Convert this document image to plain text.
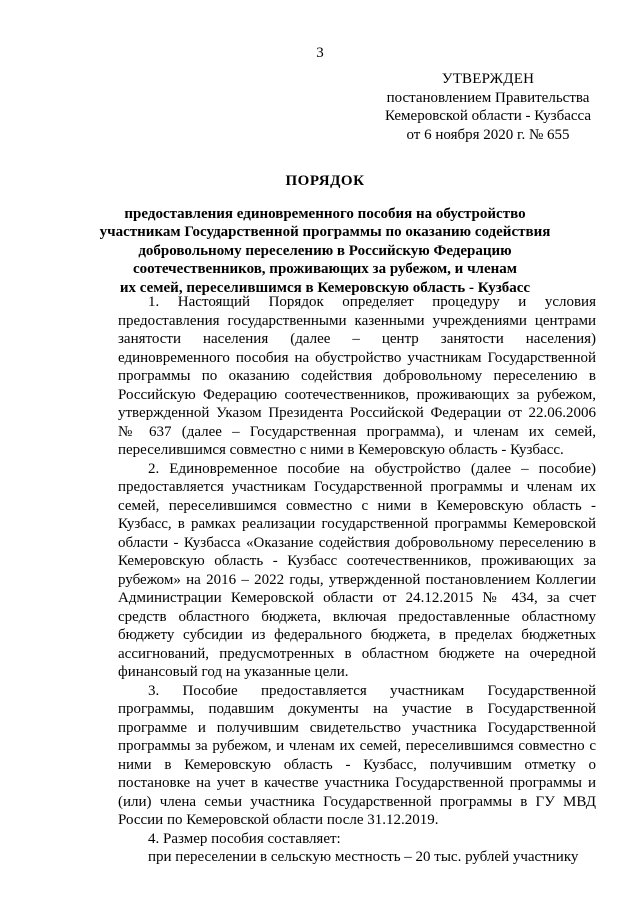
3
УТВЕРЖДЕН
постановлением Правительства
Кемеровской области - Кузбасса
от 6 ноября 2020 г. № 655
ПОРЯДОК
предоставления единовременного пособия на обустройство
участникам Государственной программы по оказанию содействия
добровольному переселению в Российскую Федерацию
соотечественников, проживающих за рубежом, и членам
их семей, переселившимся в Кемеровскую область - Кузбасс

1. Настоящий Порядок определяет процедуру и условия предоставления государственными казенными учреждениями центрами занятости населения (далее – центр занятости населения) единовременного пособия на обустройство участникам Государственной программы по оказанию содействия добровольному переселению в Российскую Федерацию соотечественников, проживающих за рубежом, утвержденной Указом Президента Российской Федерации от 22.06.2006 № 637 (далее – Государственная программа), и членам их семей, переселившимся совместно с ними в Кемеровскую область - Кузбасс.

2. Единовременное пособие на обустройство (далее – пособие) предоставляется участникам Государственной программы и членам их семей, переселившимся совместно с ними в Кемеровскую область - Кузбасс, в рамках реализации государственной программы Кемеровской области - Кузбасса «Оказание содействия добровольному переселению в Кемеровскую область - Кузбасс соотечественников, проживающих за рубежом» на 2016 – 2022 годы, утвержденной постановлением Коллегии Администрации Кемеровской области от 24.12.2015 № 434, за счет средств областного бюджета, включая предоставленные областному бюджету субсидии из федерального бюджета, в пределах бюджетных ассигнований, предусмотренных в областном бюджете на очередной финансовый год на указанные цели.

3. Пособие предоставляется участникам Государственной программы, подавшим документы на участие в Государственной программе и получившим свидетельство участника Государственной программы за рубежом, и членам их семей, переселившимся совместно с ними в Кемеровскую область - Кузбасс, получившим отметку о постановке на учет в качестве участника Государственной программы и (или) члена семьи участника Государственной программы в ГУ МВД России по Кемеровской области после 31.12.2019.

4. Размер пособия составляет:

при переселении в сельскую местность – 20 тыс. рублей участнику
